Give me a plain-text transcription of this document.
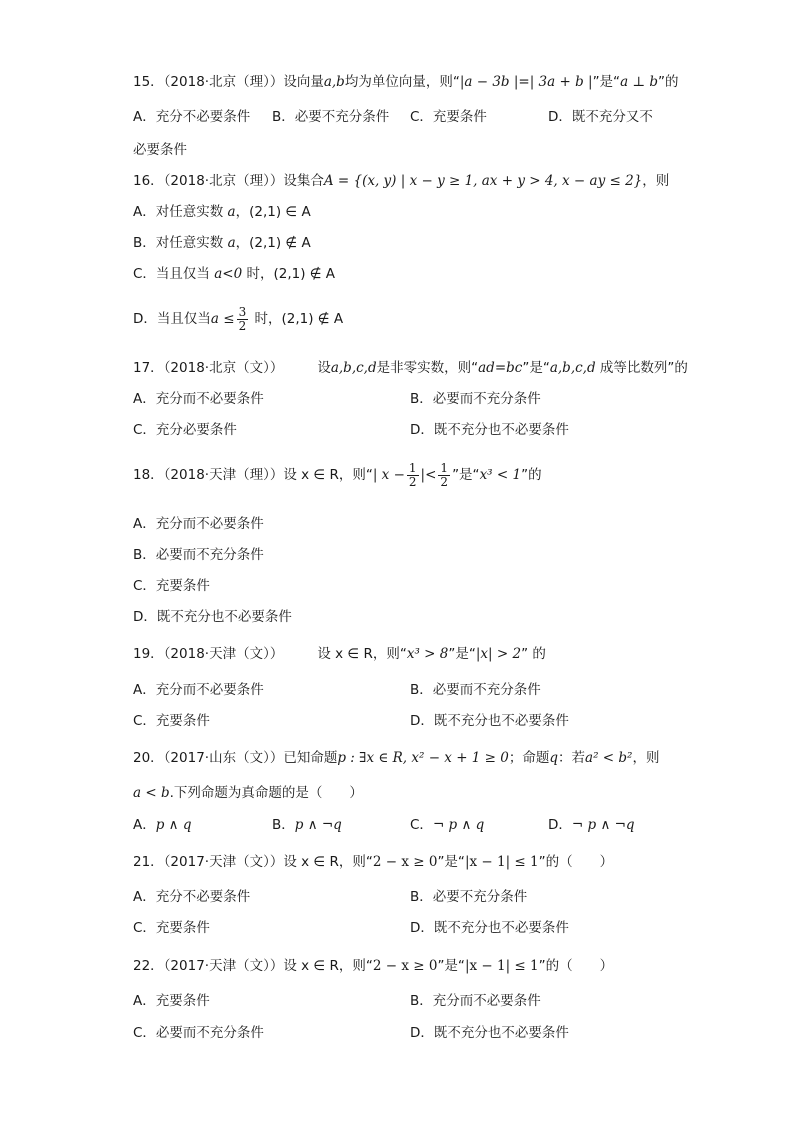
15．（2018·北京（理））设向量a,b均为单位向量，则“|a − 3b |=| 3a + b |”是“a ⊥ b”的
A．充分不必要条件 B．必要不充分条件 C．充要条件	D．既不充分又不
必要条件
16．（2018·北京（理））设集合A = {(x, y) | x − y ≥ 1, ax + y > 4, x − ay ≤ 2}，则
A．对任意实数 a，(2,1) ∈ A
B．对任意实数 a，(2,1) ∉ A
C．当且仅当 a<0 时，(2,1) ∉ A
D．当且仅当$a \le \frac{3}{2}$ 时，(2,1) ∉ A
17．（2018·北京（文））	设a,b,c,d是非零实数，则“ad=bc”是“a,b,c,d 成等比数列”的
A．充分而不必要条件	B．必要而不充分条件
C．充分必要条件	D．既不充分也不必要条件
18．（2018·天津（理））设 x ∈ R，则“| $x - \frac{1}{2}$ |< $\frac{1}{2}$ ”是“x³ < 1”的
A．充分而不必要条件
B．必要而不充分条件
C．充要条件
D．既不充分也不必要条件
19．（2018·天津（文））	设 x ∈ R，则“x³ > 8”是“|x| > 2” 的
A．充分而不必要条件	B．必要而不充分条件
C．充要条件	D．既不充分也不必要条件
20．（2017·山东（文））已知命题p : ∃x ∈ R, x² − x + 1 ≥ 0；命题q：若a² < b²，则
a < b.下列命题为真命题的是（　　）
A．p ∧ q	B．p ∧ ¬q	C．¬ p ∧ q	D．¬ p ∧ ¬q
21．（2017·天津（文））设 x ∈ R，则“2 − x ≥ 0”是“|x − 1| ≤ 1”的（　　）
A．充分不必要条件	B．必要不充分条件
C．充要条件	D．既不充分也不必要条件
22．（2017·天津（文））设 x ∈ R，则“2 − x ≥ 0”是“|x − 1| ≤ 1”的（　　）
A．充要条件	B．充分而不必要条件
C．必要而不充分条件	D．既不充分也不必要条件
